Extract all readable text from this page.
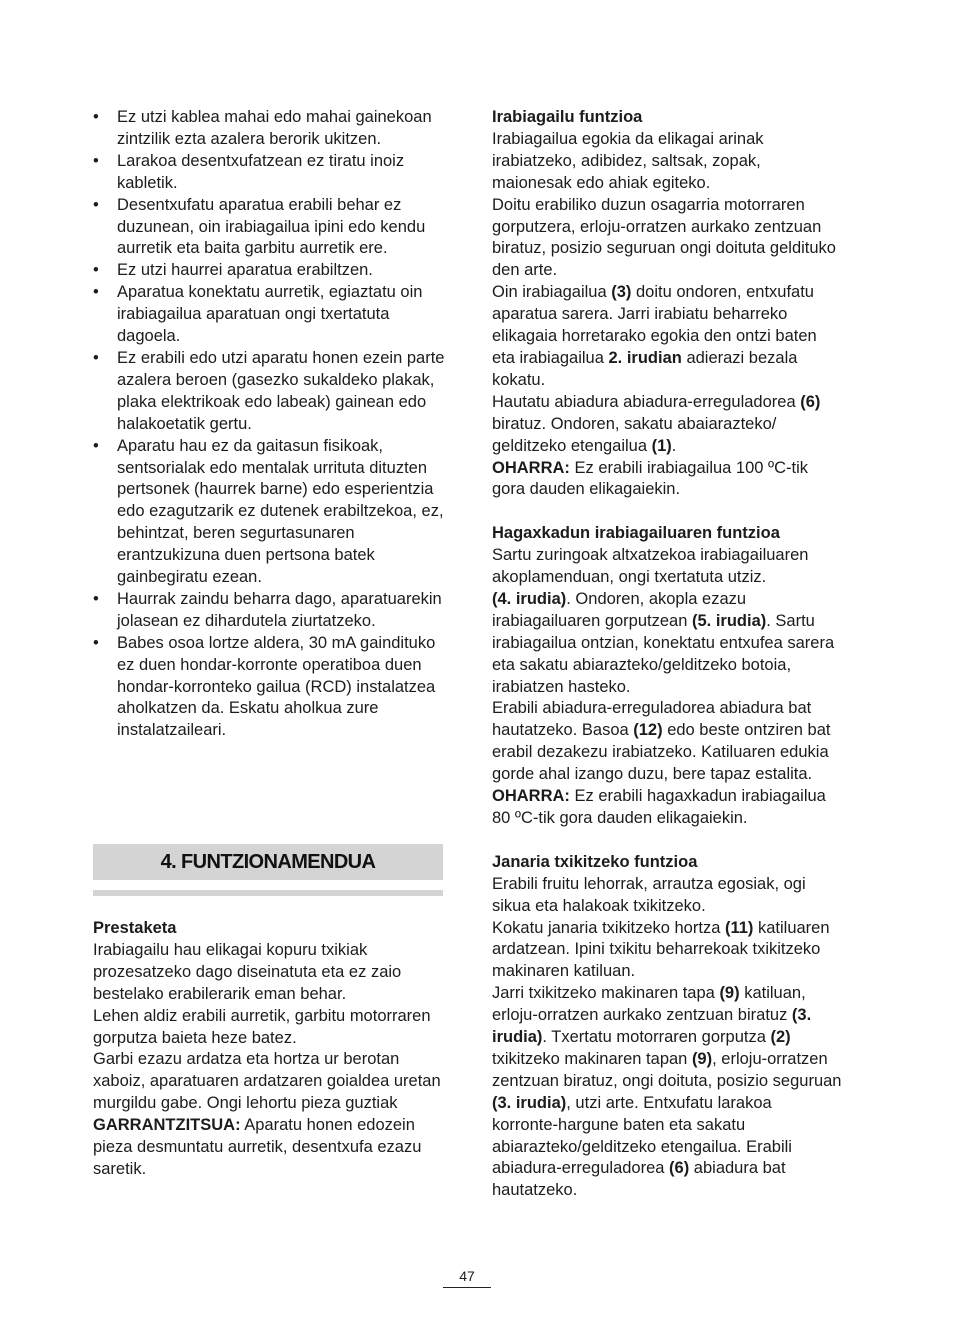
• Ez utzi kablea mahai edo mahai gainekoan zintzilik ezta azalera berorik ukitzen.
• Larakoa desentxufatzean ez tiratu inoiz kabletik.
• Desentxufatu aparatua erabili behar ez duzunean, oin irabiagailua ipini edo kendu aurretik eta baita garbitu aurretik ere.
• Ez utzi haurrei aparatua erabiltzen.
• Aparatua konektatu aurretik, egiaztatu oin irabiagailua aparatuan ongi txertatuta dagoela.
• Ez erabili edo utzi aparatu honen ezein parte azalera beroen (gasezko sukaldeko plakak, plaka elektrikoak edo labeak) gainean edo halakoetatik gertu.
• Aparatu hau ez da gaitasun fisikoak, sentsorialak edo mentalak urrituta dituzten pertsonek (haurrek barne) edo esperientzia edo ezagutzarik ez dutenek erabiltzekoa, ez, behintzat, beren segurtasunaren erantzukizuna duen pertsona batek gainbegiratu ezean.
• Haurrak zaindu beharra dago, aparatuarekin jolasean ez dihardutela ziurtatzeko.
• Babes osoa lortze aldera, 30 mA gaindituko ez duen hondar-korronte operatiboa duen hondar-korronteko gailua (RCD) instalatzea aholkatzen da. Eskatu aholkua zure instalatzaileari.
4. FUNTZIONAMENDUA
Prestaketa

Irabiagailu hau elikagai kopuru txikiak prozesatzeko dago diseinatuta eta ez zaio bestelako erabilerarik eman behar.

Lehen aldiz erabili aurretik, garbitu motorraren gorputza baieta heze batez.

Garbi ezazu ardatza eta hortza ur berotan xaboiz, aparatuaren ardatzaren goialdea uretan murgildu gabe. Ongi lehortu pieza guztiak

GARRANTZITSUA: Aparatu honen edozein pieza desmuntatu aurretik, desentxufa ezazu saretik.

Irabiagailu funtzioa

Irabiagailua egokia da elikagai arinak irabiatzeko, adibidez, saltsak, zopak, maionesak edo ahiak egiteko.

Doitu erabiliko duzun osagarria motorraren gorputzera, erloju-orratzen aurkako zentzuan biratuz, posizio seguruan ongi doituta geldituko den arte.

Oin irabiagailua (3) doitu ondoren, entxufatu aparatua sarera. Jarri irabiatu beharreko elikagaia horretarako egokia den ontzi baten eta irabiagailua 2. irudian adierazi bezala kokatu.

Hautatu abiadura abiadura-erreguladorea (6) biratuz. Ondoren, sakatu abaiarazteko/ gelditzeko etengailua (1).

OHARRA: Ez erabili irabiagailua 100 ºC-tik gora dauden elikagaiekin.

Hagaxkadun irabiagailuaren funtzioa

Sartu zuringoak altxatzekoa irabiagailuaren akoplamenduan, ongi txertatuta utziz.

(4. irudia). Ondoren, akopla ezazu irabiagailuaren gorputzean (5. irudia). Sartu irabiagailua ontzian, konektatu entxufea sarera eta sakatu abiarazteko/gelditzeko botoia, irabiatzen hasteko.

Erabili abiadura-erreguladorea abiadura bat hautatzeko. Basoa (12) edo beste ontziren bat erabil dezakezu irabiatzeko. Katiluaren edukia gorde ahal izango duzu, bere tapaz estalita.

OHARRA: Ez erabili hagaxkadun irabiagailua 80 ºC-tik gora dauden elikagaiekin.

Janaria txikitzeko funtzioa

Erabili fruitu lehorrak, arrautza egosiak, ogi sikua eta halakoak txikitzeko.

Kokatu janaria txikitzeko hortza (11) katiluaren ardatzean. Ipini txikitu beharrekoak txikitzeko makinaren katiluan.

Jarri txikitzeko makinaren tapa (9) katiluan, erloju-orratzen aurkako zentzuan biratuz (3. irudia). Txertatu motorraren gorputza (2) txikitzeko makinaren tapan (9), erloju-orratzen zentzuan biratuz, ongi doituta, posizio seguruan (3. irudia), utzi arte. Entxufatu larakoa korronte-hargune baten eta sakatu abiarazteko/gelditzeko etengailua. Erabili abiadura-erreguladorea (6) abiadura bat hautatzeko.

47
